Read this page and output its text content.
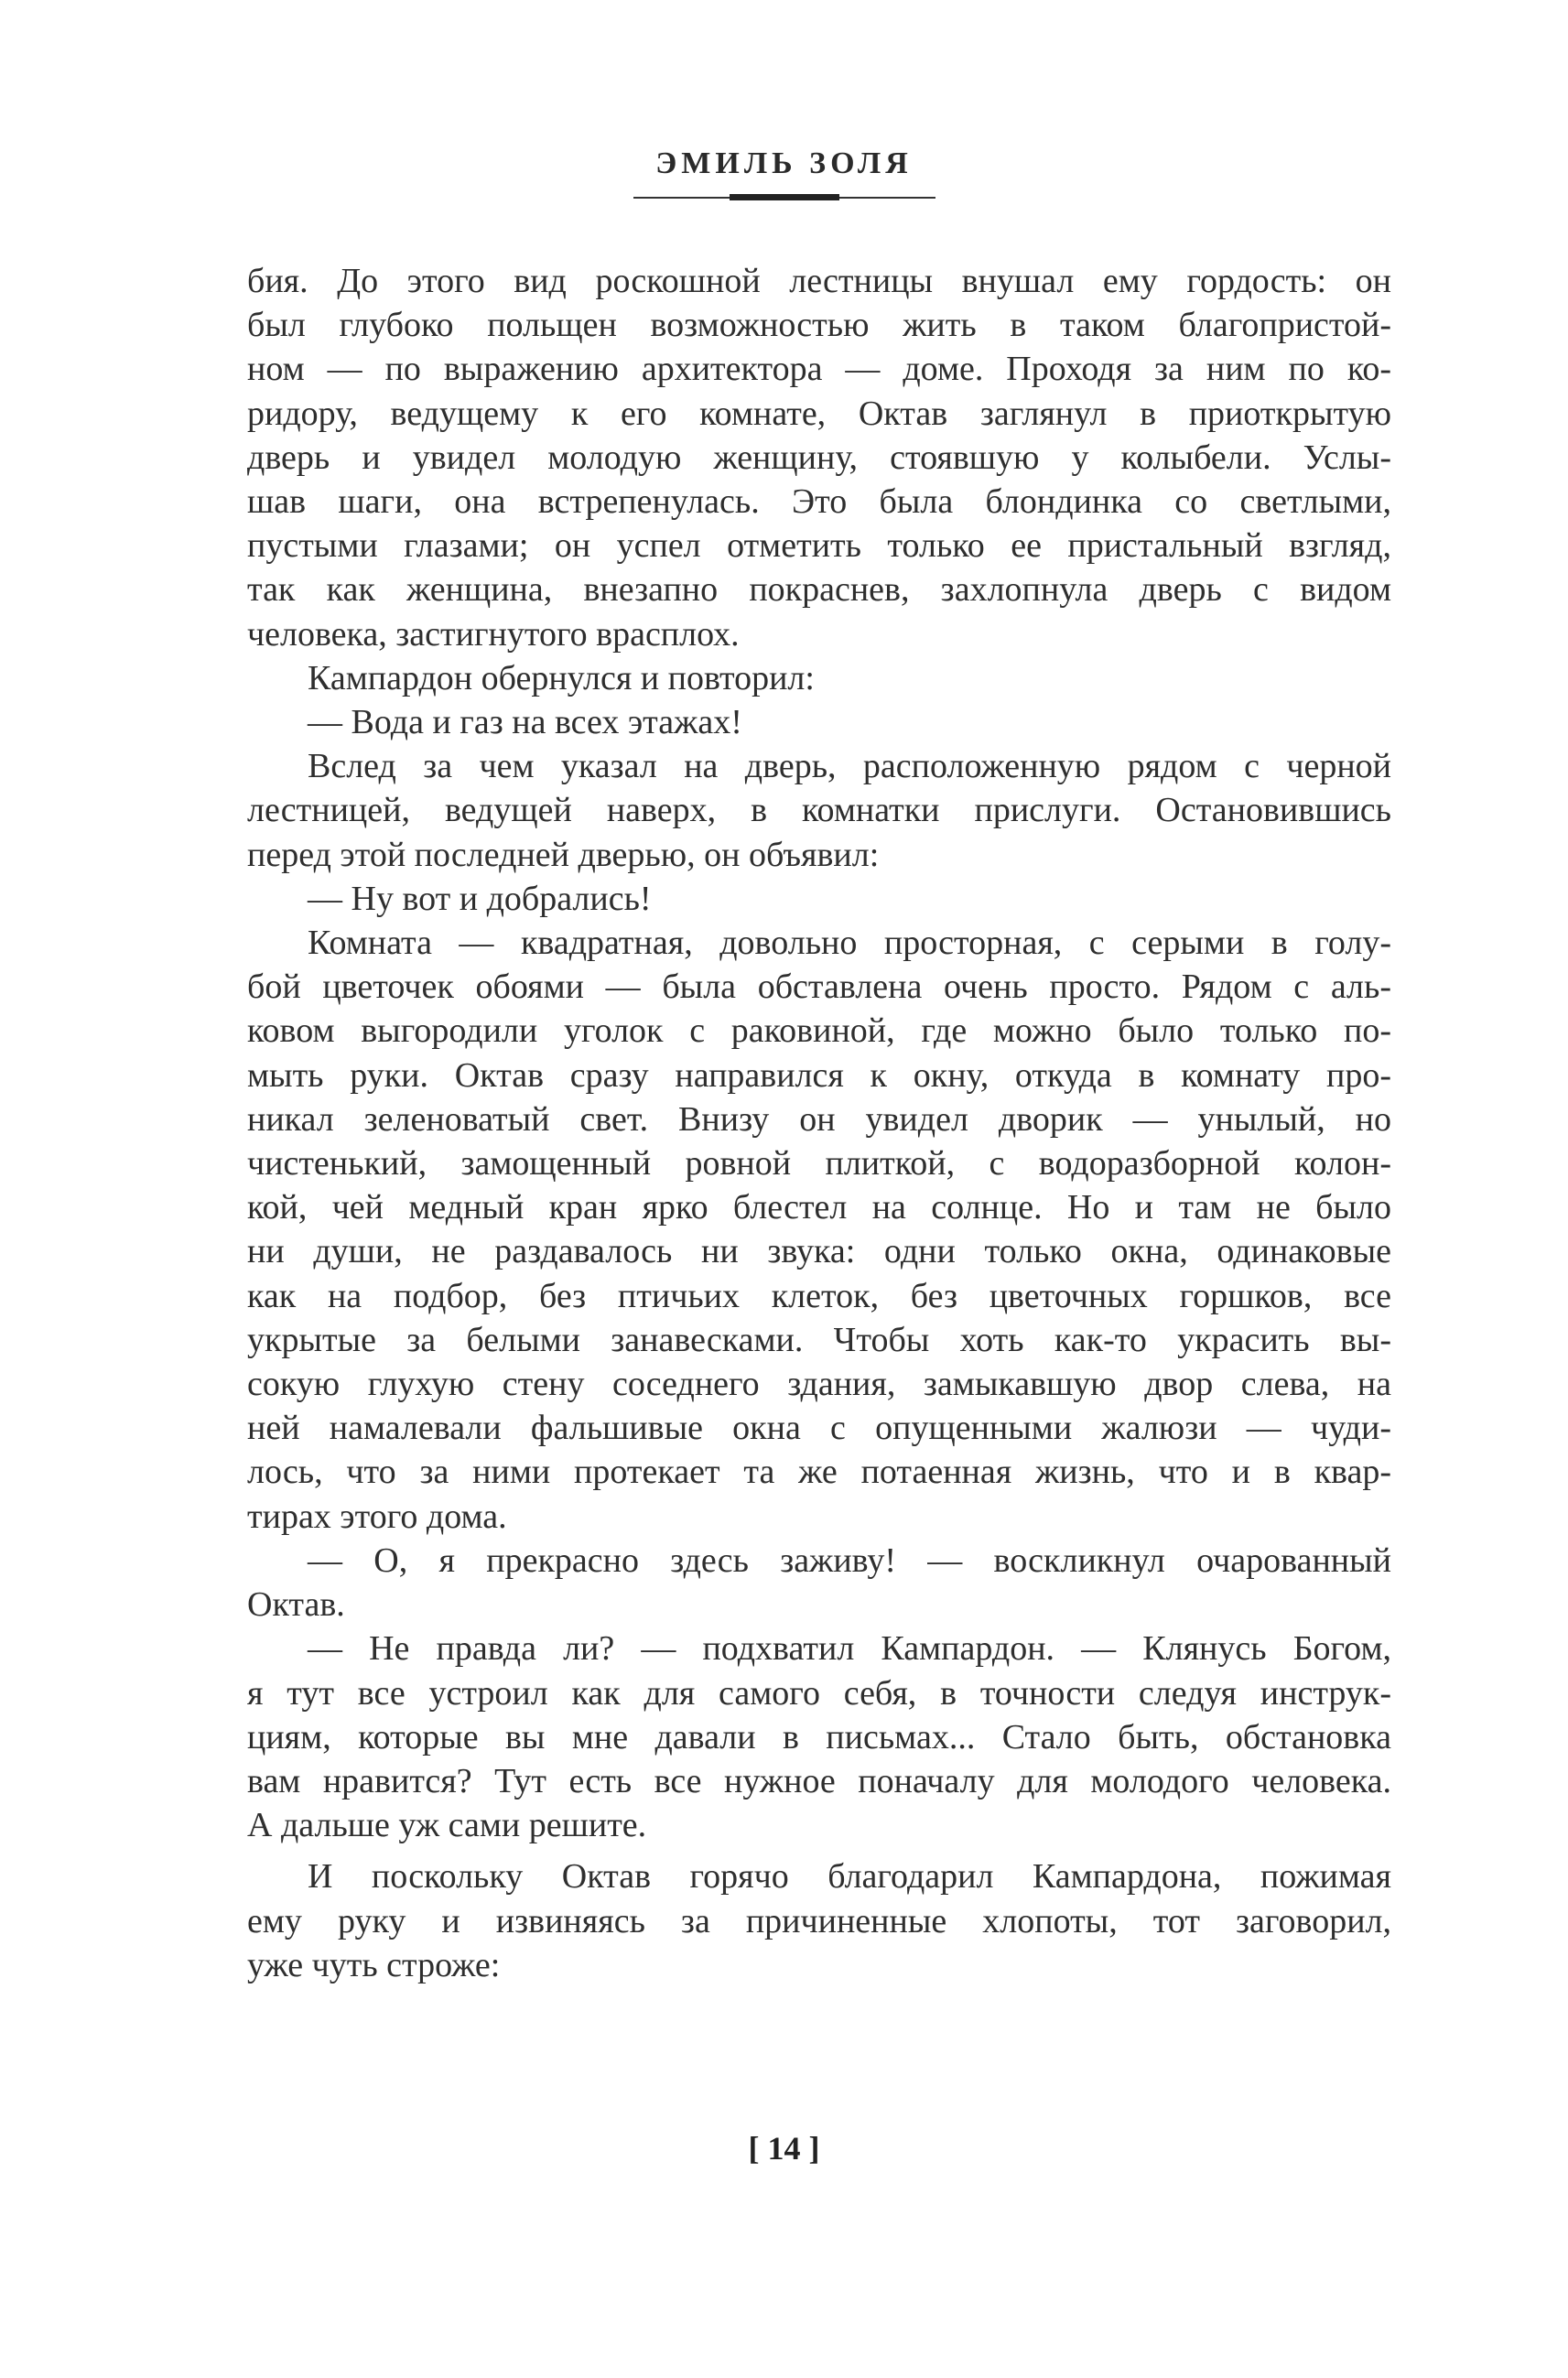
ЭМИЛЬ ЗОЛЯ
бия. До этого вид роскошной лестницы внушал ему гордость: он
был глубоко польщен возможностью жить в таком благопристой-
ном — по выражению архитектора — доме. Проходя за ним по ко-
ридору, ведущему к его комнате, Октав заглянул в приоткрытую
дверь и увидел молодую женщину, стоявшую у колыбели. Услы-
шав шаги, она встрепенулась. Это была блондинка со светлыми,
пустыми глазами; он успел отметить только ее пристальный взгляд,
так как женщина, внезапно покраснев, захлопнула дверь с видом
человека, застигнутого врасплох.
Кампардон обернулся и повторил:
— Вода и газ на всех этажах!
Вслед за чем указал на дверь, расположенную рядом с черной
лестницей, ведущей наверх, в комнатки прислуги. Остановившись
перед этой последней дверью, он объявил:
— Ну вот и добрались!
Комната — квадратная, довольно просторная, с серыми в голу-
бой цветочек обоями — была обставлена очень просто. Рядом с аль-
ковом выгородили уголок с раковиной, где можно было только по-
мыть руки. Октав сразу направился к окну, откуда в комнату про-
никал зеленоватый свет. Внизу он увидел дворик — унылый, но
чистенький, замощенный ровной плиткой, с водоразборной колон-
кой, чей медный кран ярко блестел на солнце. Но и там не было
ни души, не раздавалось ни звука: одни только окна, одинаковые
как на подбор, без птичьих клеток, без цветочных горшков, все
укрытые за белыми занавесками. Чтобы хоть как-то украсить вы-
сокую глухую стену соседнего здания, замыкавшую двор слева, на
ней намалевали фальшивые окна с опущенными жалюзи — чуди-
лось, что за ними протекает та же потаенная жизнь, что и в квар-
тирах этого дома.
— О, я прекрасно здесь заживу! — воскликнул очарованный
Октав.
— Не правда ли? — подхватил Кампардон. — Клянусь Богом,
я тут все устроил как для самого себя, в точности следуя инструк-
циям, которые вы мне давали в письмах... Стало быть, обстановка
вам нравится? Тут есть все нужное поначалу для молодого человека.
А дальше уж сами решите.
И поскольку Октав горячо благодарил Кампардона, пожимая
ему руку и извиняясь за причиненные хлопоты, тот заговорил,
уже чуть строже:
[ 14 ]
